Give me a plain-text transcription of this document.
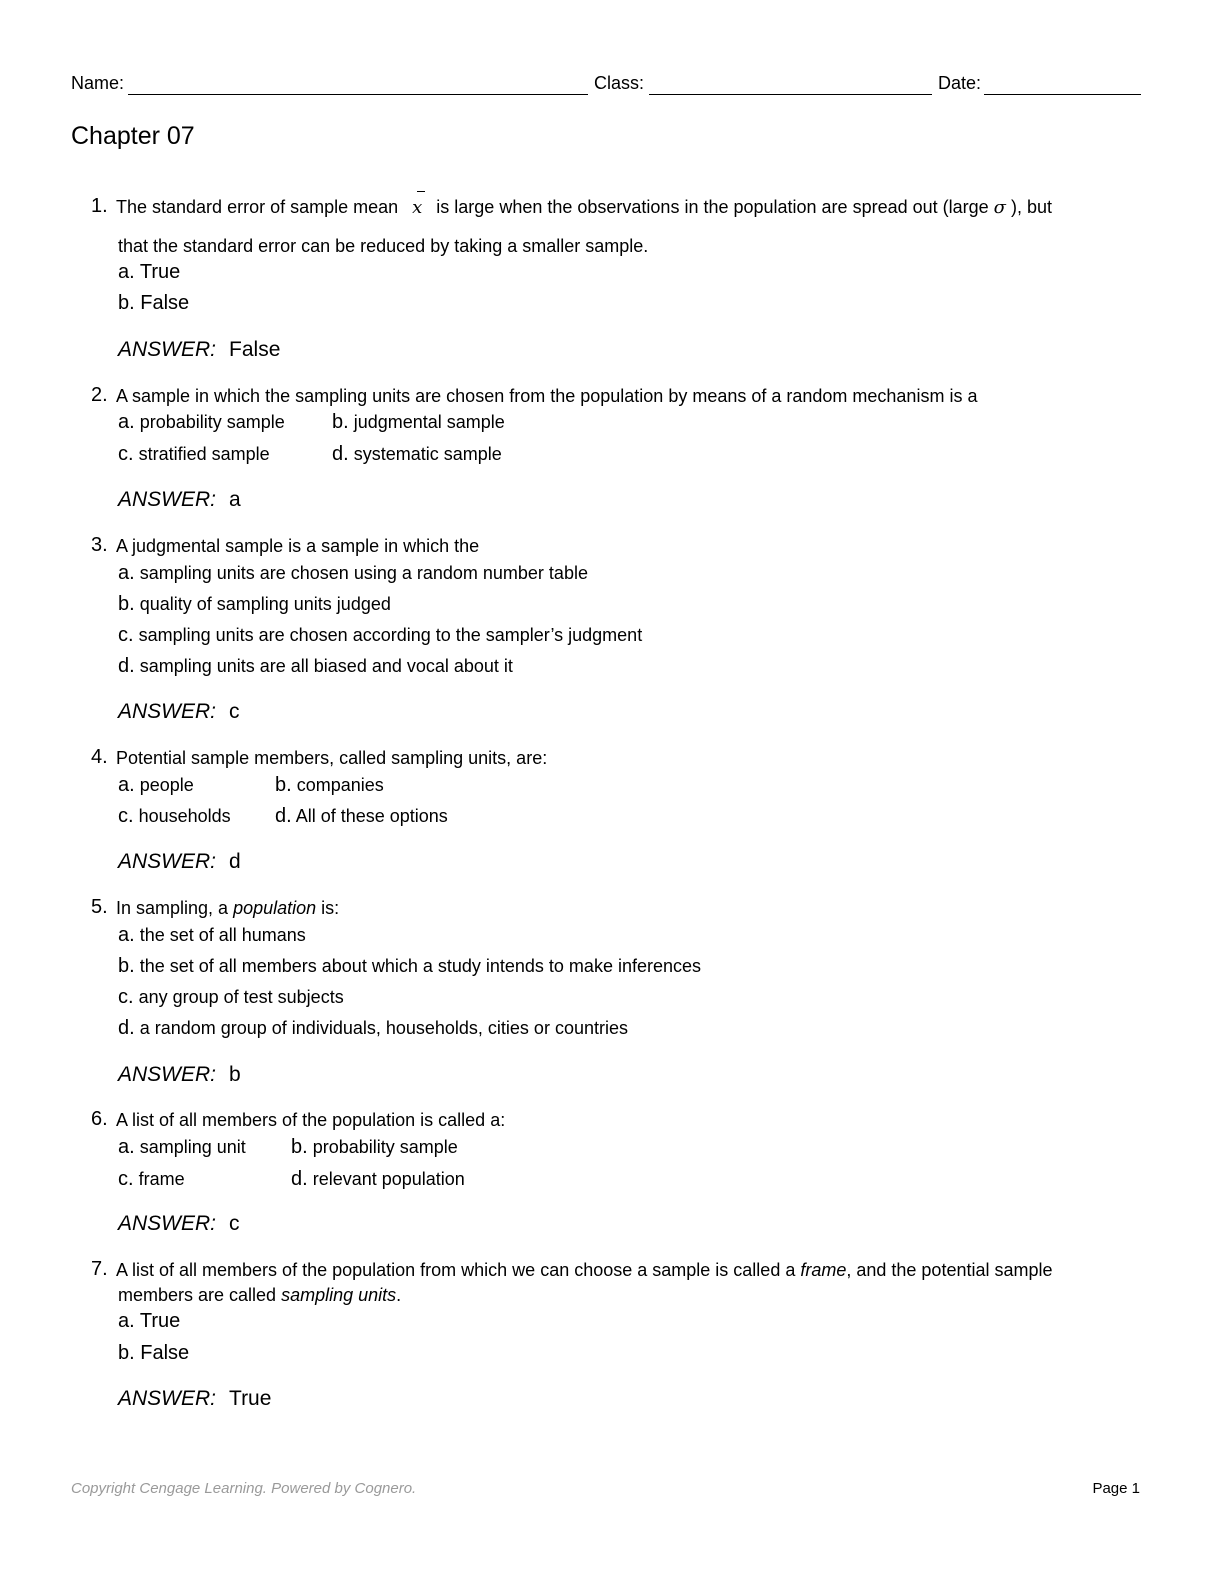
Name:	Class:	Date:
Chapter 07
1. The standard error of sample mean x is large when the observations in the population are spread out (large σ ), but
that the standard error can be reduced by taking a smaller sample.
a. True
b. False
ANSWER: False
2. A sample in which the sampling units are chosen from the population by means of a random mechanism is a
a. probability sample b. judgmental sample
c. stratified sample	d. systematic sample
ANSWER: a
3. A judgmental sample is a sample in which the
a. sampling units are chosen using a random number table
b. quality of sampling units judged
c. sampling units are chosen according to the sampler’s judgment
d. sampling units are all biased and vocal about it
ANSWER: c
4. Potential sample members, called sampling units, are:
a. people	b. companies
c. households d. All of these options
ANSWER: d
5. In sampling, a population is:
a. the set of all humans
b. the set of all members about which a study intends to make inferences
c. any group of test subjects
d. a random group of individuals, households, cities or countries
ANSWER: b
6. A list of all members of the population is called a:
a. sampling unit b. probability sample
c. frame	d. relevant population
ANSWER: c
7. A list of all members of the population from which we can choose a sample is called a frame, and the potential sample
members are called sampling units.
a. True
b. False
ANSWER: True
Copyright Cengage Learning. Powered by Cognero.	Page 1
